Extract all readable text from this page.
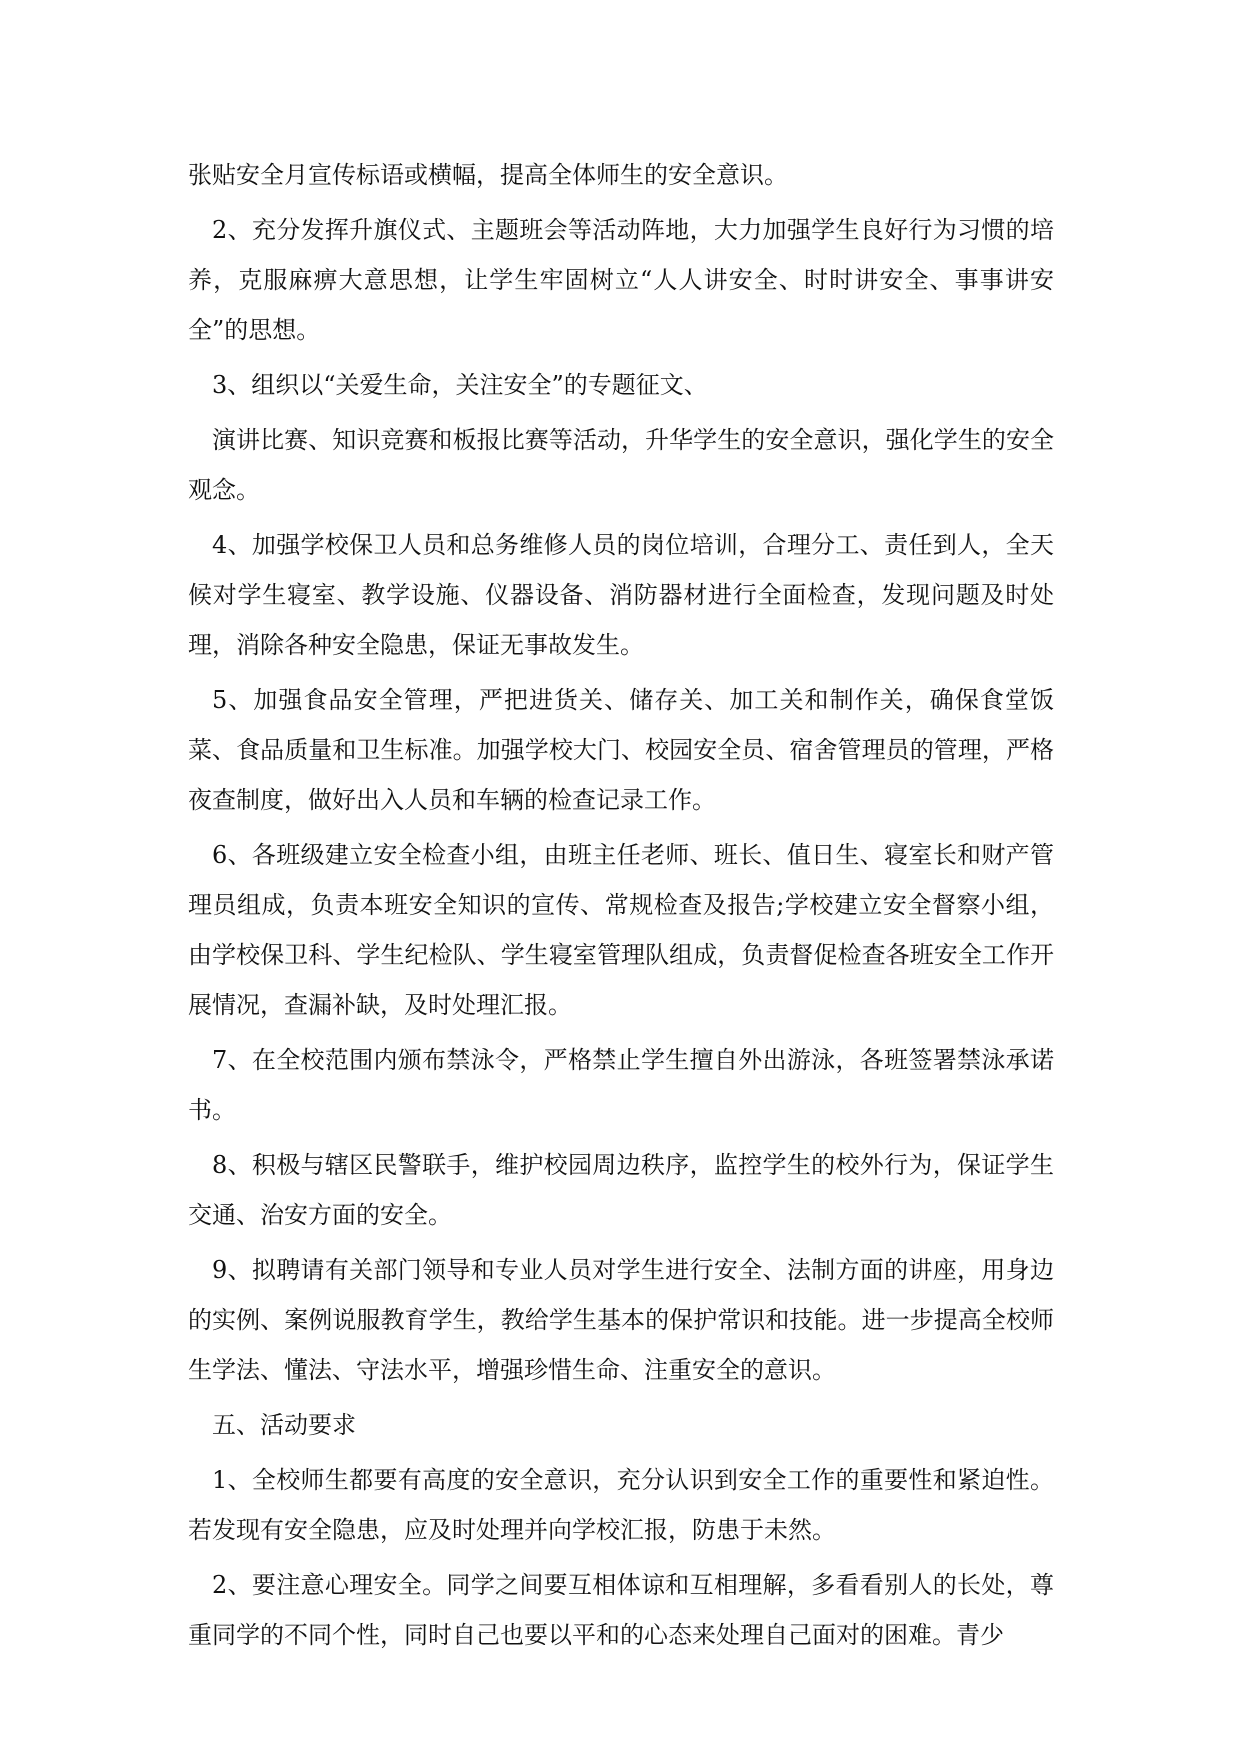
张贴安全月宣传标语或横幅，提高全体师生的安全意识。

2、充分发挥升旗仪式、主题班会等活动阵地，大力加强学生良好行为习惯的培养，克服麻痹大意思想，让学生牢固树立“人人讲安全、时时讲安全、事事讲安全”的思想。

3、组织以“关爱生命，关注安全”的专题征文、

演讲比赛、知识竞赛和板报比赛等活动，升华学生的安全意识，强化学生的安全观念。

4、加强学校保卫人员和总务维修人员的岗位培训，合理分工、责任到人，全天候对学生寝室、教学设施、仪器设备、消防器材进行全面检查，发现问题及时处理，消除各种安全隐患，保证无事故发生。

5、加强食品安全管理，严把进货关、储存关、加工关和制作关，确保食堂饭菜、食品质量和卫生标准。加强学校大门、校园安全员、宿舍管理员的管理，严格夜查制度，做好出入人员和车辆的检查记录工作。

6、各班级建立安全检查小组，由班主任老师、班长、值日生、寝室长和财产管理员组成，负责本班安全知识的宣传、常规检查及报告;学校建立安全督察小组，由学校保卫科、学生纪检队、学生寝室管理队组成，负责督促检查各班安全工作开展情况，查漏补缺，及时处理汇报。

7、在全校范围内颁布禁泳令，严格禁止学生擅自外出游泳，各班签署禁泳承诺书。

8、积极与辖区民警联手，维护校园周边秩序，监控学生的校外行为，保证学生交通、治安方面的安全。

9、拟聘请有关部门领导和专业人员对学生进行安全、法制方面的讲座，用身边的实例、案例说服教育学生，教给学生基本的保护常识和技能。进一步提高全校师生学法、懂法、守法水平，增强珍惜生命、注重安全的意识。

五、活动要求

1、全校师生都要有高度的安全意识，充分认识到安全工作的重要性和紧迫性。若发现有安全隐患，应及时处理并向学校汇报，防患于未然。

2、要注意心理安全。同学之间要互相体谅和互相理解，多看看别人的长处，尊重同学的不同个性，同时自己也要以平和的心态来处理自己面对的困难。青少
